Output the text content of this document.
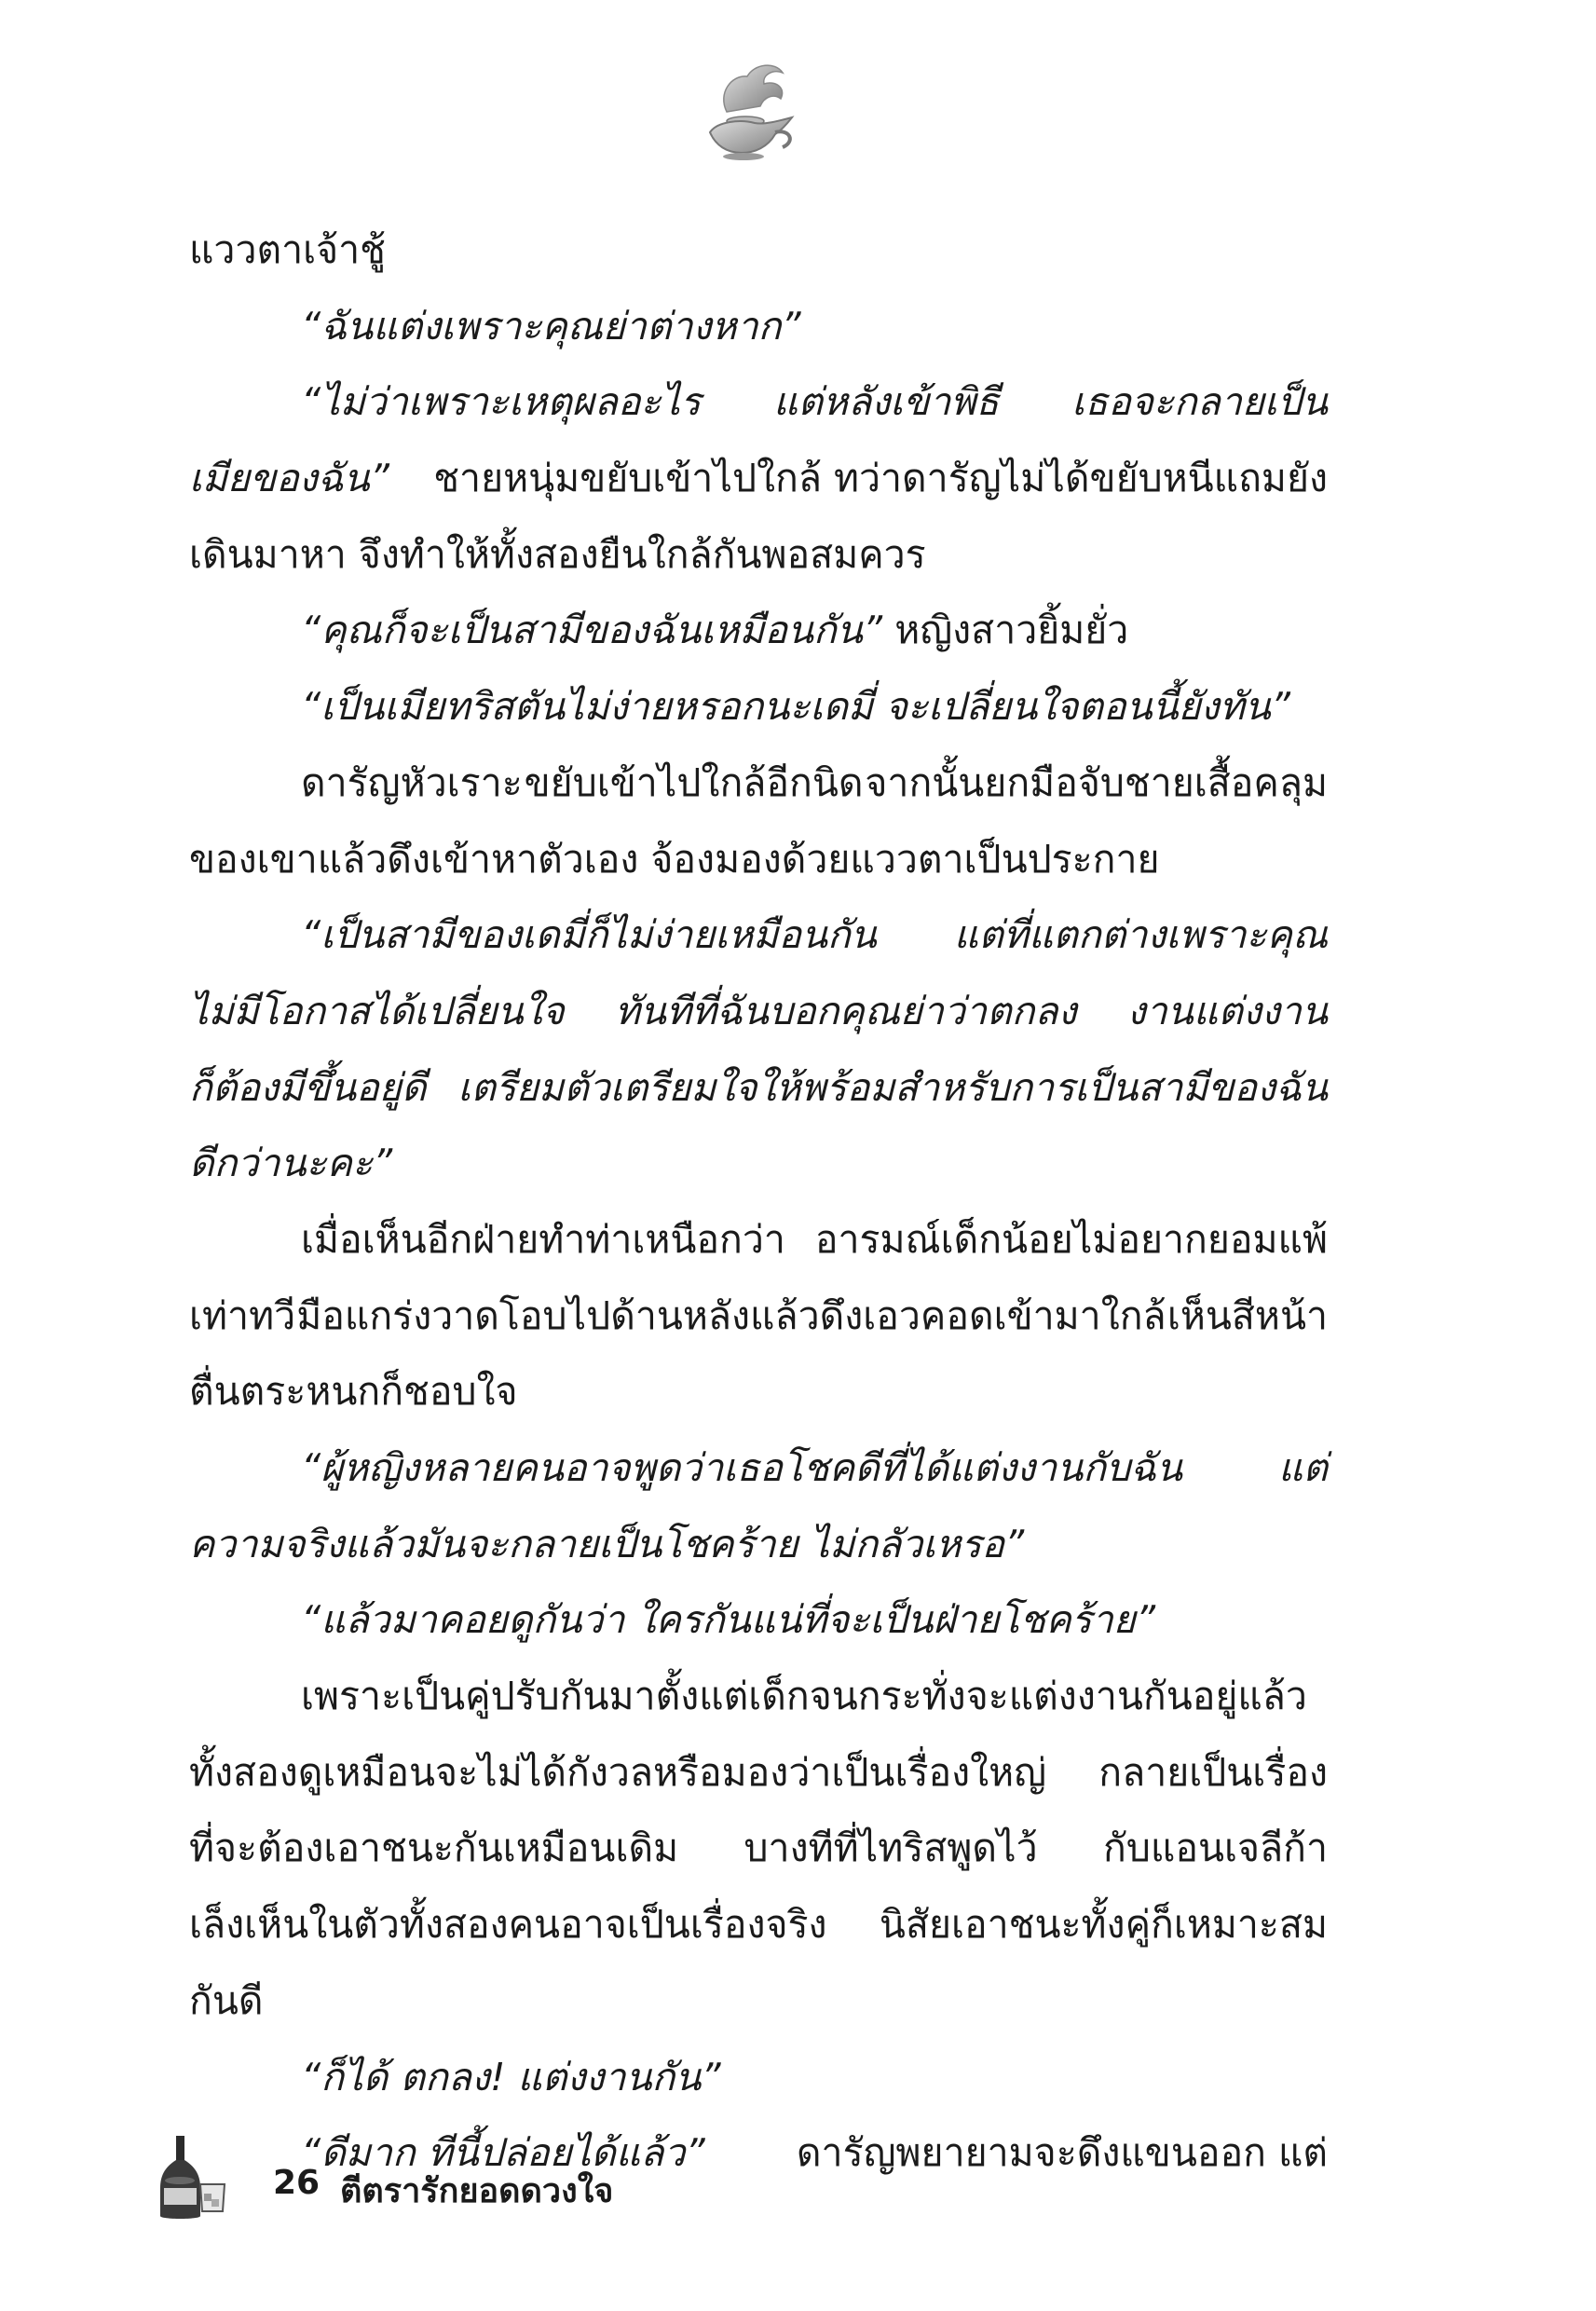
แววตาเจ้าชู้
“ฉันแต่งเพราะคุณย่าต่างหาก”
“ไม่ว่าเพราะเหตุผลอะไร แต่หลังเข้าพิธี เธอจะกลายเป็น
เมียของฉัน” ชายหนุ่มขยับเข้าไปใกล้ ทว่าดารัญไม่ได้ขยับหนีแถมยัง
เดินมาหา จึงทำให้ทั้งสองยืนใกล้กันพอสมควร
“คุณก็จะเป็นสามีของฉันเหมือนกัน” หญิงสาวยิ้มยั่ว
“เป็นเมียทริสตันไม่ง่ายหรอกนะเดมี่ จะเปลี่ยนใจตอนนี้ยังทัน”
ดารัญหัวเราะ ขยับเข้าไปใกล้อีกนิด จากนั้นยกมือจับชายเสื้อคลุม
ของเขาแล้วดึงเข้าหาตัวเอง จ้องมองด้วยแววตาเป็นประกาย
“เป็นสามีของเดมี่ก็ไม่ง่ายเหมือนกัน แต่ที่แตกต่างเพราะคุณ
ไม่มีโอกาสได้เปลี่ยนใจ ทันทีที่ฉันบอกคุณย่าว่าตกลง งานแต่งงาน
ก็ต้องมีขึ้นอยู่ดี เตรียมตัวเตรียมใจให้พร้อมสำหรับการเป็นสามีของฉัน
ดีกว่านะคะ”
เมื่อเห็นอีกฝ่ายทำท่าเหนือกว่า อารมณ์เด็กน้อยไม่อยากยอมแพ้
เท่าทวี มือแกร่งวาดโอบไปด้านหลังแล้วดึงเอวคอดเข้ามาใกล้ เห็นสีหน้า
ตื่นตระหนกก็ชอบใจ
“ผู้หญิงหลายคนอาจพูดว่าเธอโชคดีที่ได้แต่งงานกับฉัน	แต่
ความจริงแล้วมันจะกลายเป็นโชคร้าย ไม่กลัวเหรอ”
“แล้วมาคอยดูกันว่า ใครกันแน่ที่จะเป็นฝ่ายโชคร้าย”
เพราะเป็นคู่ปรับกันมาตั้งแต่เด็กจนกระทั่งจะแต่งงานกันอยู่แล้ว
ทั้งสองดูเหมือนจะไม่ได้กังวลหรือมองว่าเป็นเรื่องใหญ่ กลายเป็นเรื่อง
ที่จะต้องเอาชนะกันเหมือนเดิม บางทีที่ไทริสพูดไว้ กับแอนเจลีก้า
เล็งเห็นในตัวทั้งสองคนอาจเป็นเรื่องจริง นิสัยเอาชนะทั้งคู่ก็เหมาะสม
กันดี
“ก็ได้ ตกลง! แต่งงานกัน”
“ดีมาก ทีนี้ปล่อยได้แล้ว” ดารัญพยายามจะดึงแขนออก แต่
26 ตีตรารักยอดดวงใจ
